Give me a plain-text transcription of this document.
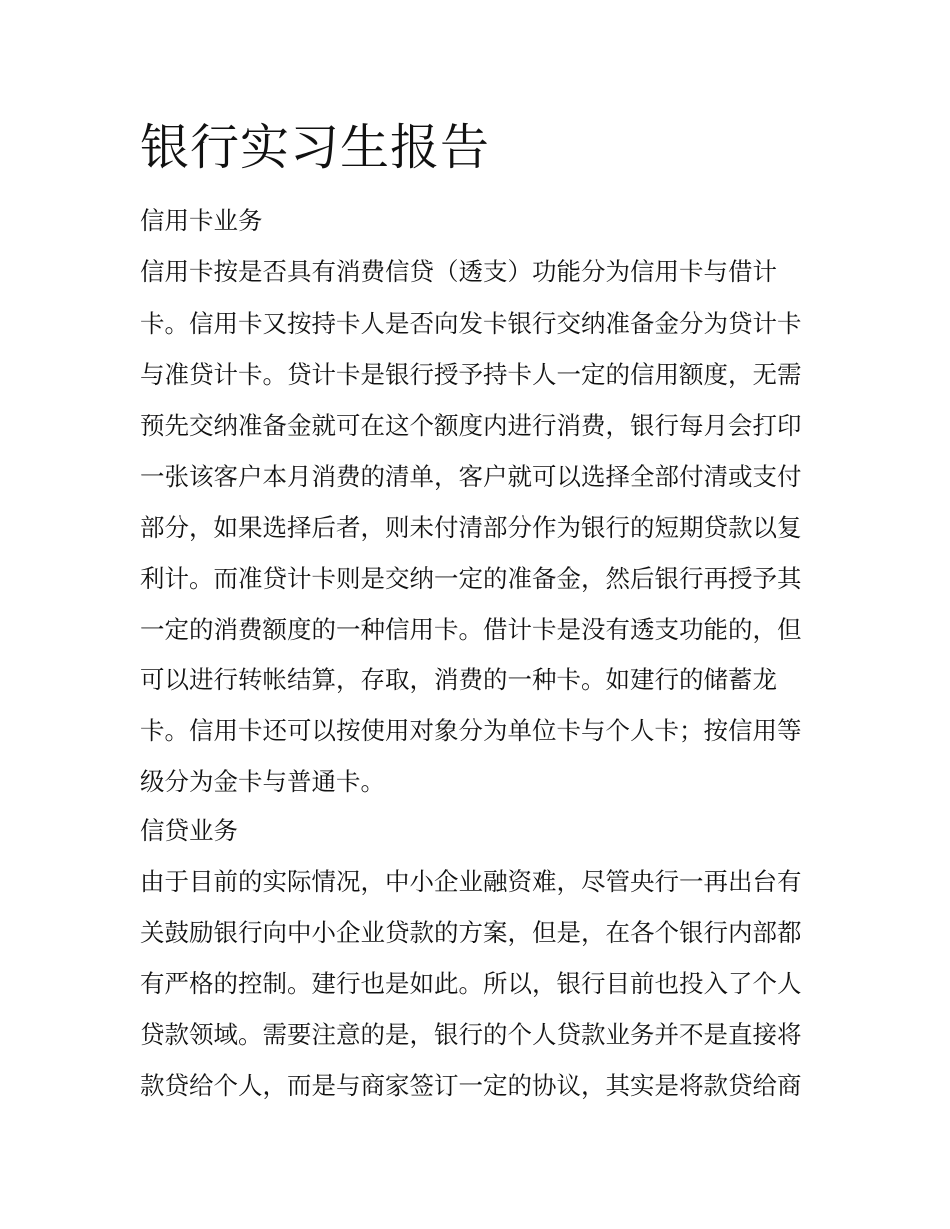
银行实习生报告
信用卡业务
信用卡按是否具有消费信贷（透支）功能分为信用卡与借计
卡。信用卡又按持卡人是否向发卡银行交纳准备金分为贷计卡
与准贷计卡。贷计卡是银行授予持卡人一定的信用额度，无需
预先交纳准备金就可在这个额度内进行消费，银行每月会打印
一张该客户本月消费的清单，客户就可以选择全部付清或支付
部分，如果选择后者，则未付清部分作为银行的短期贷款以复
利计。而准贷计卡则是交纳一定的准备金，然后银行再授予其
一定的消费额度的一种信用卡。借计卡是没有透支功能的，但
可以进行转帐结算，存取，消费的一种卡。如建行的储蓄龙
卡。信用卡还可以按使用对象分为单位卡与个人卡；按信用等
级分为金卡与普通卡。
信贷业务
由于目前的实际情况，中小企业融资难，尽管央行一再出台有
关鼓励银行向中小企业贷款的方案，但是，在各个银行内部都
有严格的控制。建行也是如此。所以，银行目前也投入了个人
贷款领域。需要注意的是，银行的个人贷款业务并不是直接将
款贷给个人，而是与商家签订一定的协议，其实是将款贷给商
